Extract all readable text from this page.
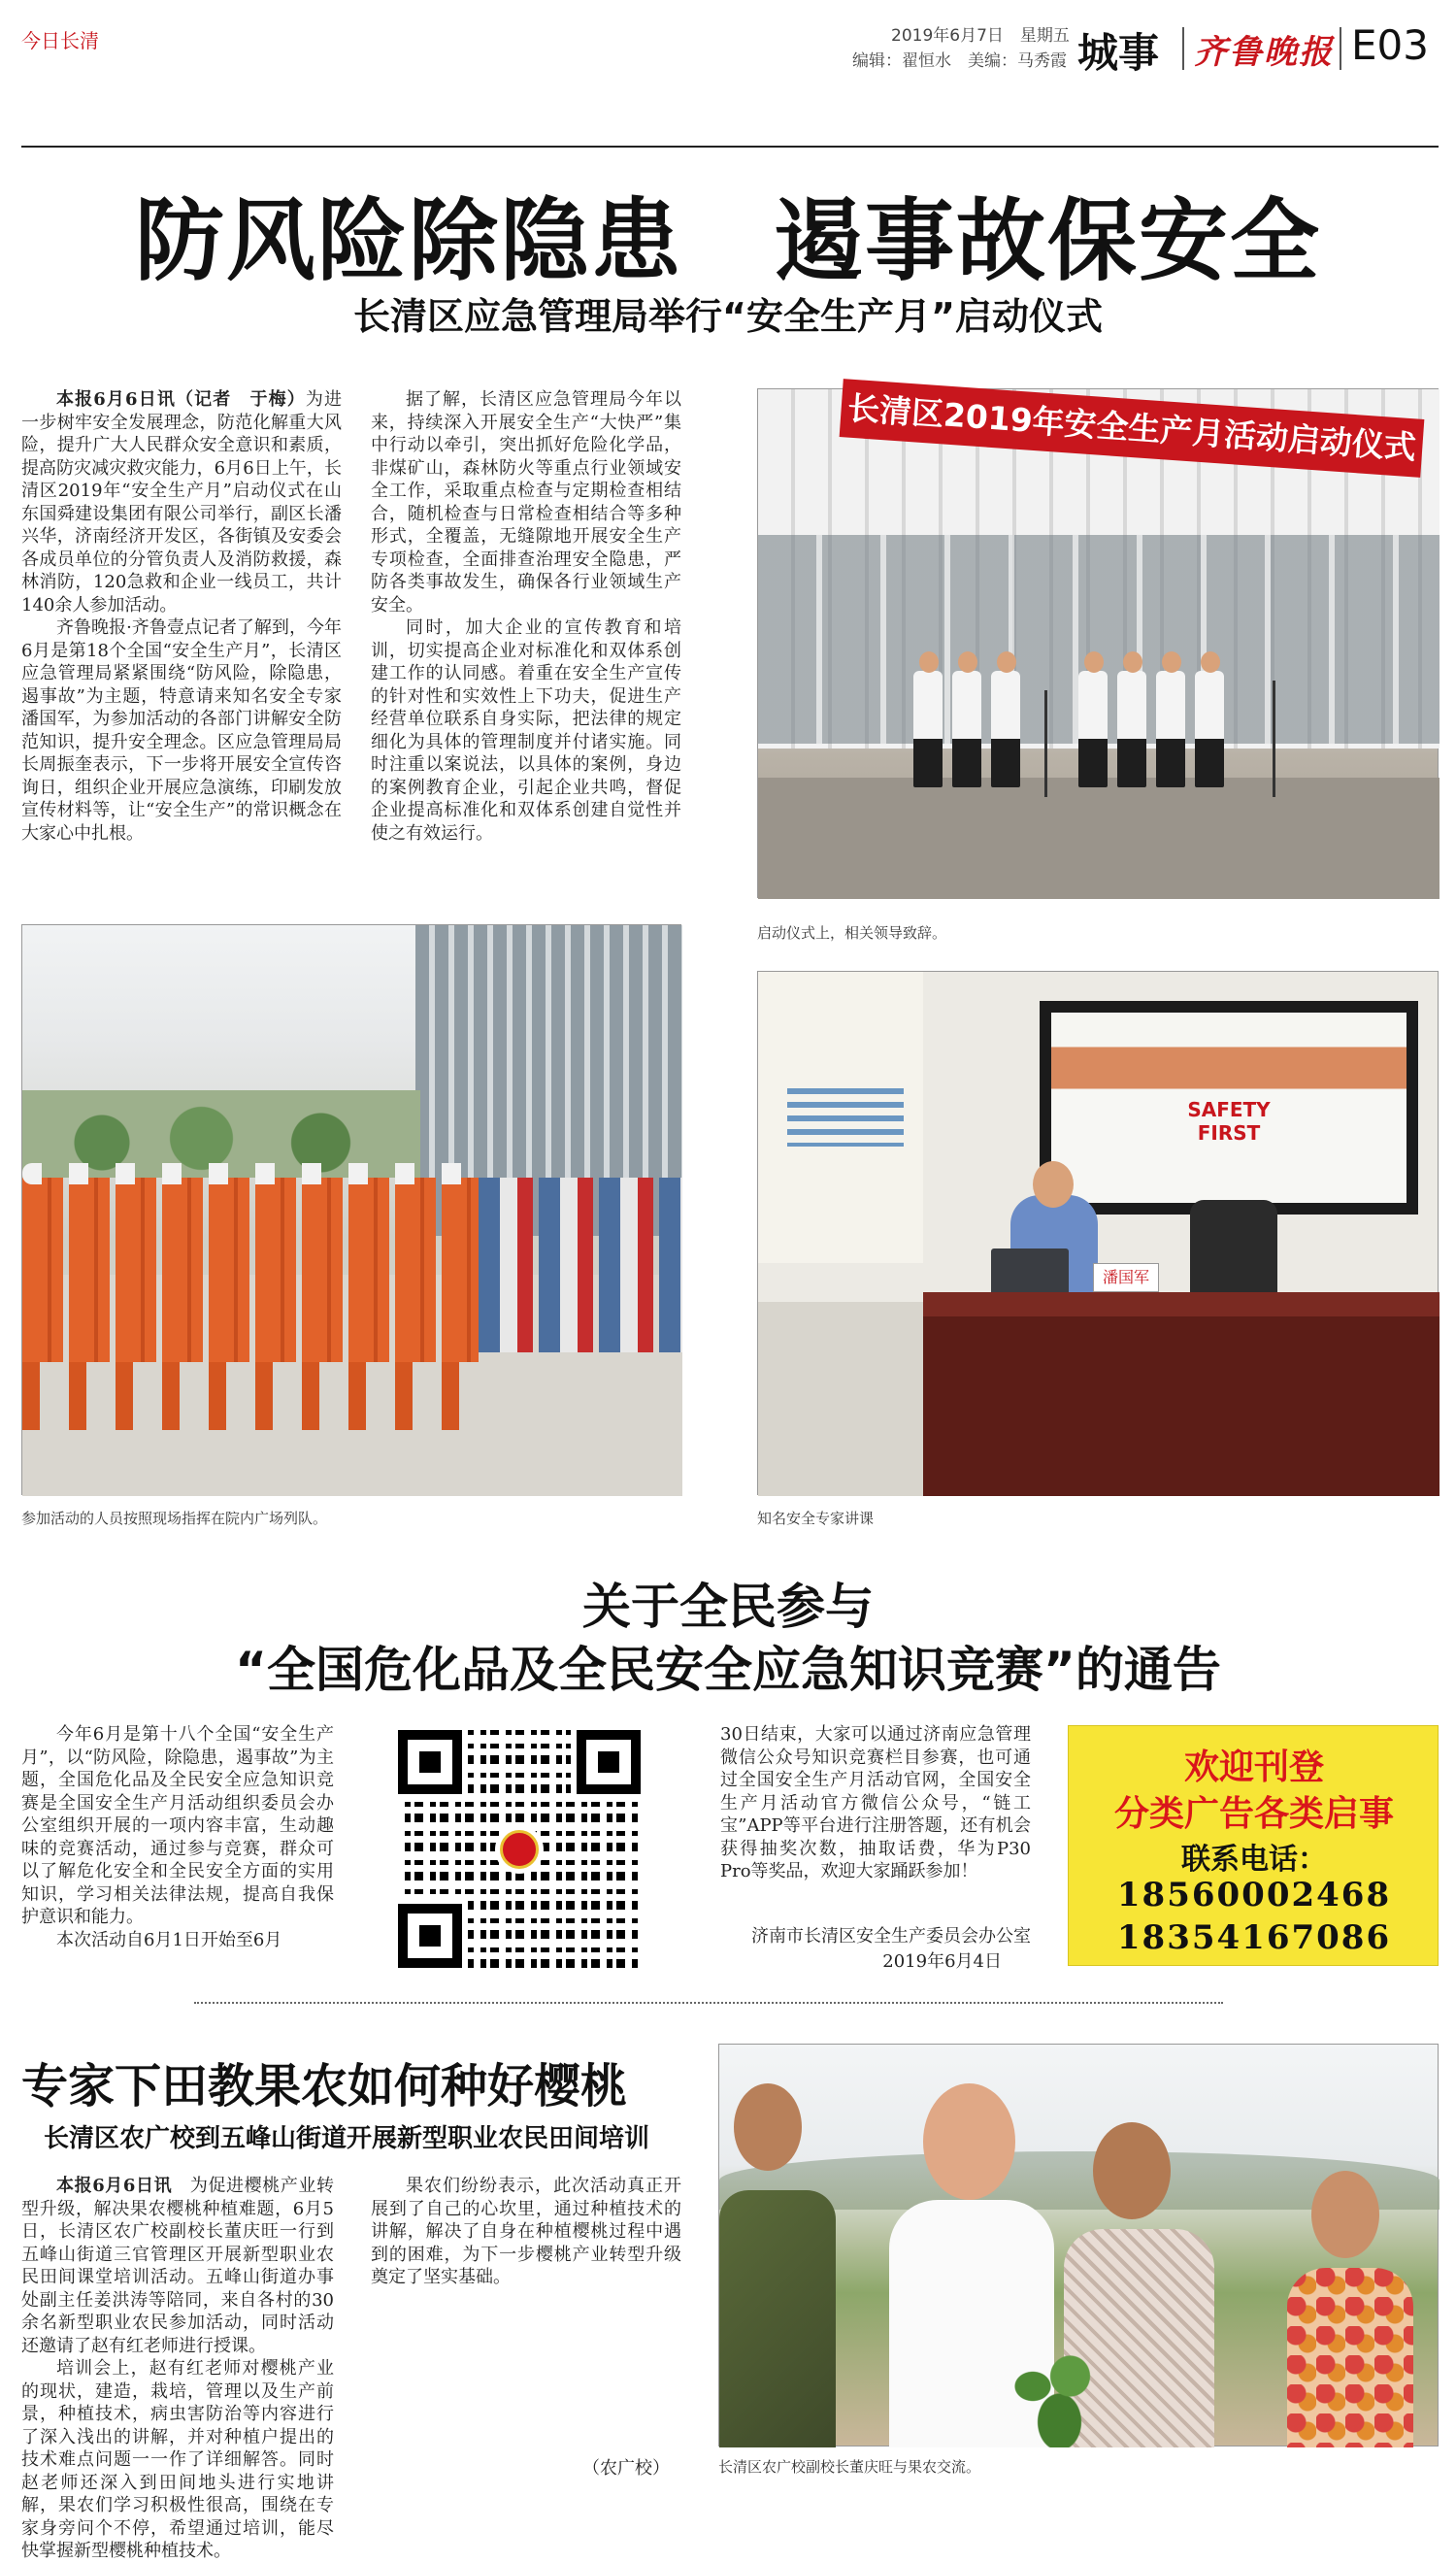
今日长清	2019年6月7日　星期五
编辑：翟恒水　美编：马秀霞 城事 齐鲁晚报 E03
防风险除隐患　遏事故保安全
长清区应急管理局举行“安全生产月”启动仪式

本报6月6日讯（记者　于梅）为进一步树牢安全发展理念，防范化解重大风险，提升广大人民群众安全意识和素质，提高防灾减灾救灾能力，6月6日上午，长清区2019年“安全生产月”启动仪式在山东国舜建设集团有限公司举行，副区长潘兴华，济南经济开发区，各街镇及安委会各成员单位的分管负责人及消防救援，森林消防，120急救和企业一线员工，共计140余人参加活动。

齐鲁晚报·齐鲁壹点记者了解到，今年6月是第18个全国“安全生产月”，长清区应急管理局紧紧围绕“防风险，除隐患，遏事故”为主题，特意请来知名安全专家潘国军，为参加活动的各部门讲解安全防范知识，提升安全理念。区应急管理局局长周振奎表示，下一步将开展安全宣传咨询日，组织企业开展应急演练，印刷发放宣传材料等，让“安全生产”的常识概念在大家心中扎根。

据了解，长清区应急管理局今年以来，持续深入开展安全生产“大快严”集中行动以牵引，突出抓好危险化学品，非煤矿山，森林防火等重点行业领域安全工作，采取重点检查与定期检查相结合，随机检查与日常检查相结合等多种形式，全覆盖，无缝隙地开展安全生产专项检查，全面排查治理安全隐患，严防各类事故发生，确保各行业领域生产安全。

同时，加大企业的宣传教育和培训，切实提高企业对标准化和双体系创建工作的认同感。着重在安全生产宣传的针对性和实效性上下功夫，促进生产经营单位联系自身实际，把法律的规定细化为具体的管理制度并付诸实施。同时注重以案说法，以具体的案例，身边的案例教育企业，引起企业共鸣，督促企业提高标准化和双体系创建自觉性并使之有效运行。

长清区2019年安全生产月活动启动仪式
启动仪式上，相关领导致辞。
参加活动的人员按照现场指挥在院内广场列队。
SAFETY FIRST
潘国军
知名安全专家讲课
关于全民参与
“全国危化品及全民安全应急知识竞赛”的通告

今年6月是第十八个全国“安全生产月”，以“防风险，除隐患，遏事故”为主题，全国危化品及全民安全应急知识竞赛是全国安全生产月活动组织委员会办公室组织开展的一项内容丰富，生动趣味的竞赛活动，通过参与竞赛，群众可以了解危化安全和全民安全方面的实用知识，学习相关法律法规，提高自我保护意识和能力。

本次活动自6月1日开始至6月

30日结束，大家可以通过济南应急管理微信公众号知识竞赛栏目参赛，也可通过全国安全生产月活动官网，全国安全生产月活动官方微信公众号，“链工宝”APP等平台进行注册答题，还有机会获得抽奖次数，抽取话费，华为P30 Pro等奖品，欢迎大家踊跃参加！

济南市长清区安全生产委员会办公室
2019年6月4日
欢迎刊登
分类广告各类启事
联系电话：
18560002468
18354167086
专家下田教果农如何种好樱桃
长清区农广校到五峰山街道开展新型职业农民田间培训

本报6月6日讯　 为促进樱桃产业转型升级，解决果农樱桃种植难题，6月5日，长清区农广校副校长董庆旺一行到五峰山街道三官管理区开展新型职业农民田间课堂培训活动。五峰山街道办事处副主任姜洪涛等陪同，来自各村的30余名新型职业农民参加活动，同时活动还邀请了赵有红老师进行授课。

培训会上，赵有红老师对樱桃产业的现状，建造，栽培，管理以及生产前景，种植技术，病虫害防治等内容进行了深入浅出的讲解，并对种植户提出的技术难点问题一一作了详细解答。同时赵老师还深入到田间地头进行实地讲解，果农们学习积极性很高，围绕在专家身旁问个不停，希望通过培训，能尽快掌握新型樱桃种植技术。

果农们纷纷表示，此次活动真正开展到了自己的心坎里，通过种植技术的讲解，解决了自身在种植樱桃过程中遇到的困难，为下一步樱桃产业转型升级奠定了坚实基础。

（农广校）	长清区农广校副校长董庆旺与果农交流。
